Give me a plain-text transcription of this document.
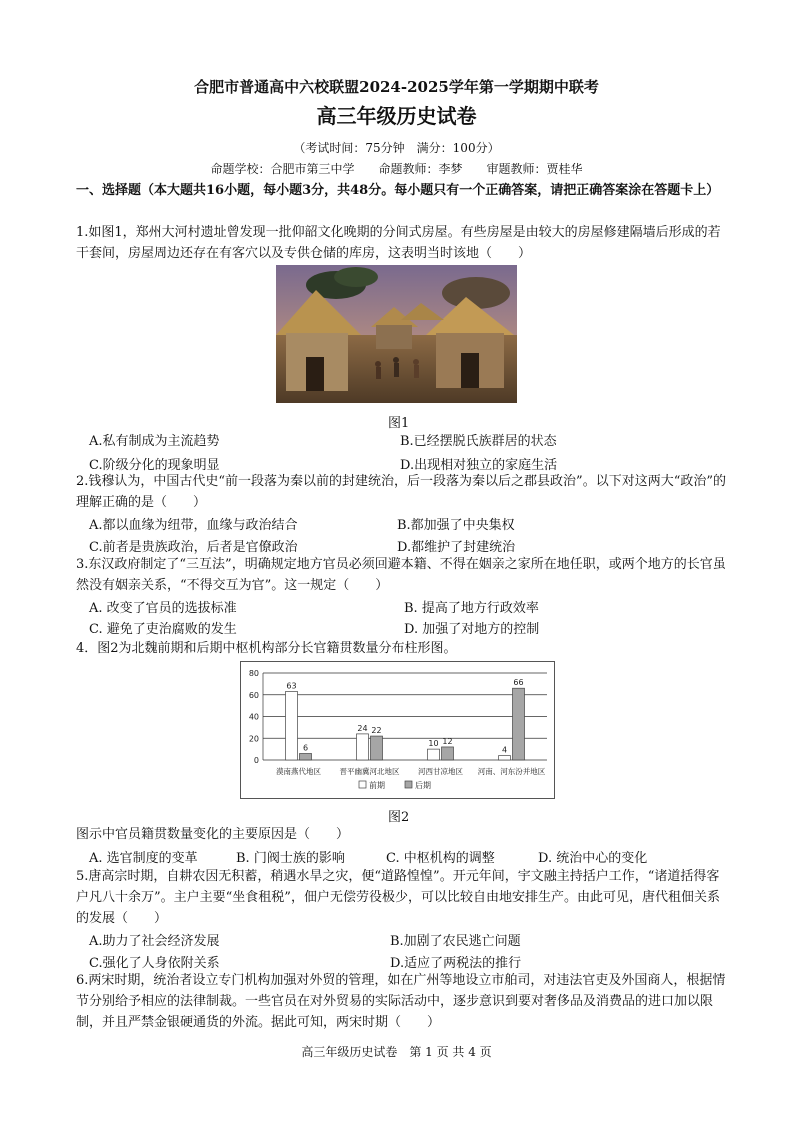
合肥市普通高中六校联盟2024-2025学年第一学期期中联考
高三年级历史试卷
（考试时间：75分钟　满分：100分）
命题学校：合肥市第三中学　　命题教师：李梦　　审题教师：贾桂华
一、选择题（本大题共16小题，每小题3分，共48分。每小题只有一个正确答案，请把正确答案涂在答题卡上）
1.如图1，郑州大河村遗址曾发现一批仰韶文化晚期的分间式房屋。有些房屋是由较大的房屋修建隔墙后形成的若干套间，房屋周边还存在有客穴以及专供仓储的库房，这表明当时该地（　　）
图1
A.私有制成为主流趋势	B.已经摆脱氏族群居的状态
C.阶级分化的现象明显	D.出现相对独立的家庭生活
2.钱穆认为，中国古代史“前一段落为秦以前的封建统治，后一段落为秦以后之郡县政治”。以下对这两大“政治”的理解正确的是（　　）
A.都以血缘为纽带，血缘与政治结合	B.都加强了中央集权
C.前者是贵族政治，后者是官僚政治	D.都维护了封建统治
3.东汉政府制定了“三互法”，明确规定地方官员必须回避本籍、不得在姻亲之家所在地任职，或两个地方的长官虽然没有姻亲关系，“不得交互为官”。这一规定（　　）
A. 改变了官员的选拔标准	B. 提高了地方行政效率
C. 避免了吏治腐败的发生	D. 加强了对地方的控制
4．图2为北魏前期和后期中枢机构部分长官籍贯数量分布柱形图。
0
20
40
60
80
63
6
漠南燕代地区
24 22
晋平幽冀河北地区
10 12
河西甘凉地区
4
66
河南、河东汾并地区
前期	后期
图2
图示中官员籍贯数量变化的主要原因是（　　）
A. 选官制度的变革	B. 门阀士族的影响	C. 中枢机构的调整	D. 统治中心的变化
5.唐高宗时期，自耕农因无积蓄，稍遇水旱之灾，便“道路惶惶”。开元年间，宇文融主持括户工作，“诸道括得客户凡八十余万”。主户主要“坐食租税”，佃户无偿劳役极少，可以比较自由地安排生产。由此可见，唐代租佃关系的发展（　　）
A.助力了社会经济发展	B.加剧了农民逃亡问题
C.强化了人身依附关系	D.适应了两税法的推行
6.两宋时期，统治者设立专门机构加强对外贸的管理，如在广州等地设立市舶司，对违法官吏及外国商人，根据情节分别给予相应的法律制裁。一些官员在对外贸易的实际活动中，逐步意识到要对奢侈品及消费品的进口加以限制，并且严禁金银硬通货的外流。据此可知，两宋时期（　　）
高三年级历史试卷　第 1 页 共 4 页
